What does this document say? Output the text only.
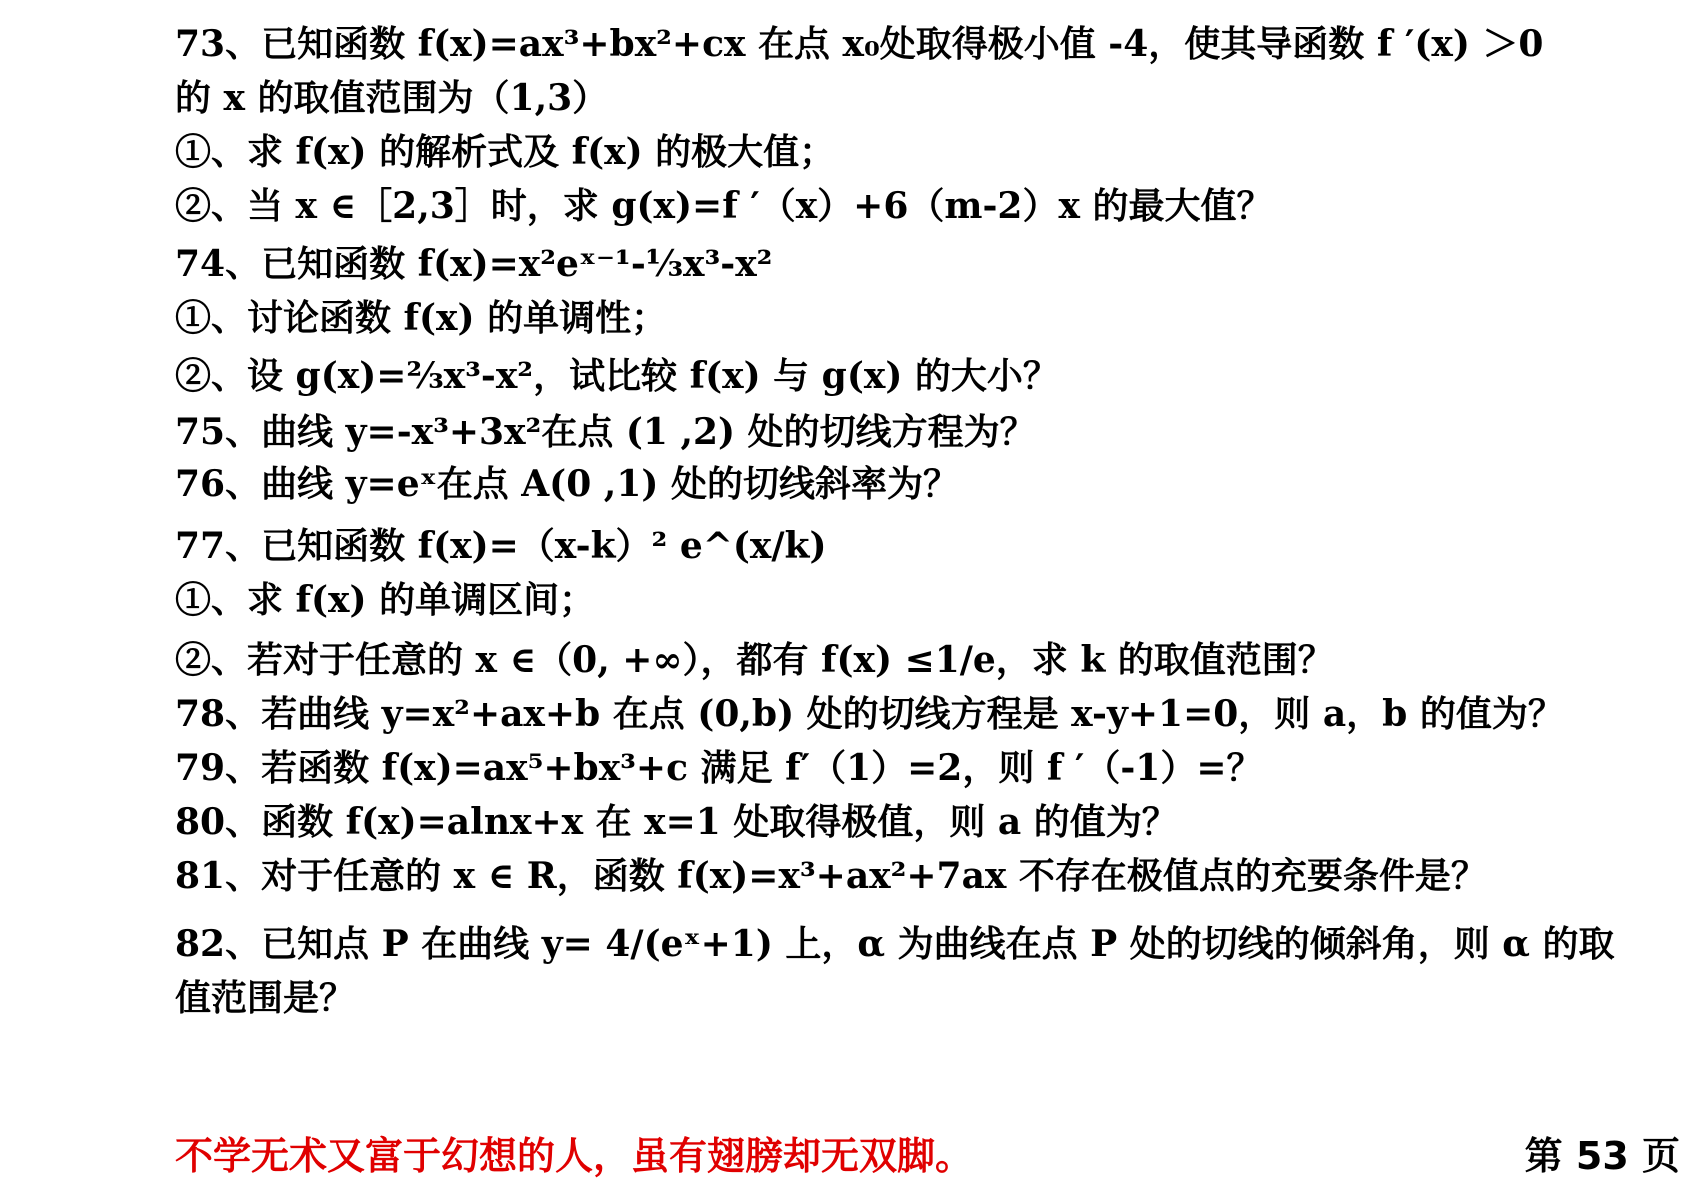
73、已知函数 f(x)=ax³+bx²+cx 在点 x₀处取得极小值 -4，使其导函数 f ′(x) ＞0
的 x 的取值范围为（1,3）
①、求 f(x) 的解析式及 f(x) 的极大值；
②、当 x ∈［2,3］时，求 g(x)=f ′（x）+6（m-2）x 的最大值？
74、已知函数 f(x)=x²eˣ⁻¹-⅓x³-x²
①、讨论函数 f(x) 的单调性；
②、设 g(x)=⅔x³-x²，试比较 f(x) 与 g(x) 的大小？
75、曲线 y=-x³+3x²在点 (1 ,2) 处的切线方程为？
76、曲线 y=eˣ在点 A(0 ,1) 处的切线斜率为？
77、已知函数 f(x)=（x-k）² e^(x/k)
①、求 f(x) 的单调区间；
②、若对于任意的 x ∈（0, +∞），都有 f(x) ≤1/e，求 k 的取值范围？
78、若曲线 y=x²+ax+b 在点 (0,b) 处的切线方程是 x-y+1=0，则 a，b 的值为？
79、若函数 f(x)=ax⁵+bx³+c 满足 f′（1）=2，则 f ′（-1）=？
80、函数 f(x)=alnx+x 在 x=1 处取得极值，则 a 的值为？
81、对于任意的 x ∈ R，函数 f(x)=x³+ax²+7ax 不存在极值点的充要条件是？
82、已知点 P 在曲线 y= 4/(eˣ+1) 上，α 为曲线在点 P 处的切线的倾斜角，则 α 的取
值范围是？
不学无术又富于幻想的人，虽有翅膀却无双脚。	第 53 页
